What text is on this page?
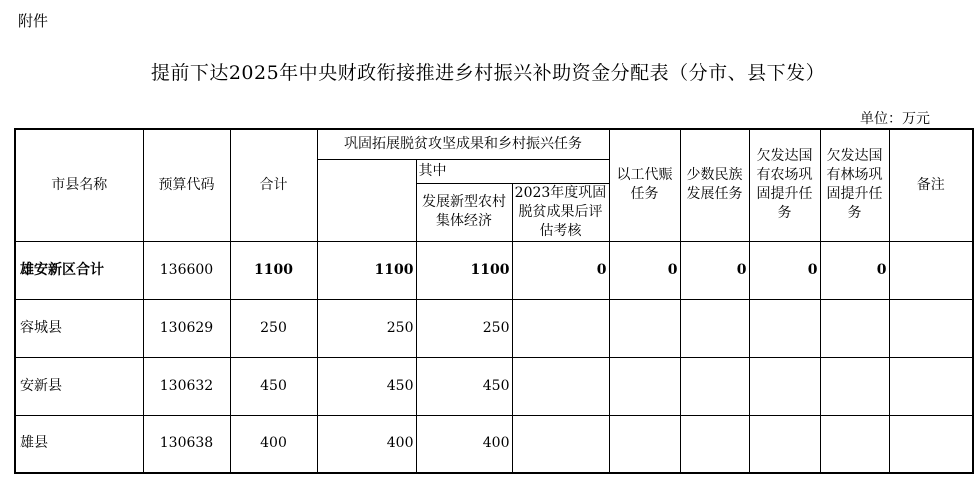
附件
提前下达2025年中央财政衔接推进乡村振兴补助资金分配表（分市、县下发）
单位：万元
市县名称	预算代码	合计	巩固拓展脱贫攻坚成果和乡村振兴任务			以工代赈任务	少数民族发展任务	欠发达国有农场巩固提升任务	欠发达国有林场巩固提升任务	备注
				其中						
				发展新型农村集体经济	2023年度巩固脱贫成果后评估考核					
雄安新区合计	136600	1100	1100	1100	0	0	0	0	0	
容城县	130629	250	250	250						
安新县	130632	450	450	450						
雄县	130638	400	400	400						
